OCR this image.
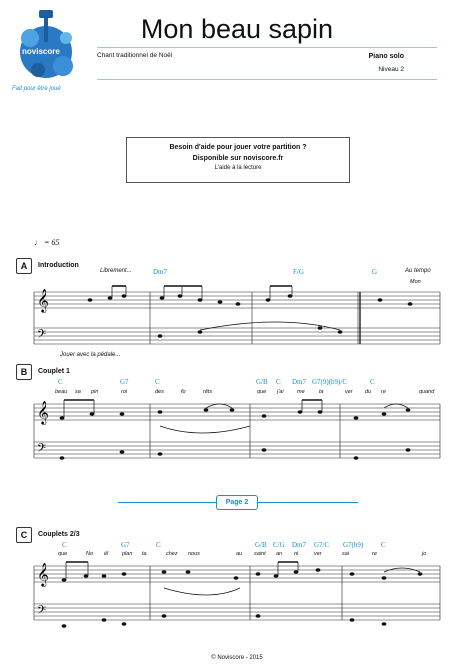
noviscore
Fait pour être joué
Mon beau sapin
Chant traditionnel de Noël	Piano solo
Niveau 2
Besoin d'aide pour jouer votre partition ?
Disponible sur noviscore.fr
L'aide à la lecture
♩ = 65
A	Introduction
Librement...	Dm7	F/G	G	Au tempo
Mon
Jouer avec la pédale...
𝄞
𝄢
B	Couplet 1
C	G7	C	G/B C Dm7 G7(9)(b9)/C	C
beau sa pin	roi	des	fo	rêts	que j'ai me	ta	ver du re	quand
𝄞
𝄢
Page 2
C	Couplets 2/3
C	G7	C	G/B C/G Dm7 G7/C G7(b9)	C
que	No ël plan ta	chez nous	au saint an ni	ver	sai	re	jo
𝄞
𝄢
© Noviscore - 2015
